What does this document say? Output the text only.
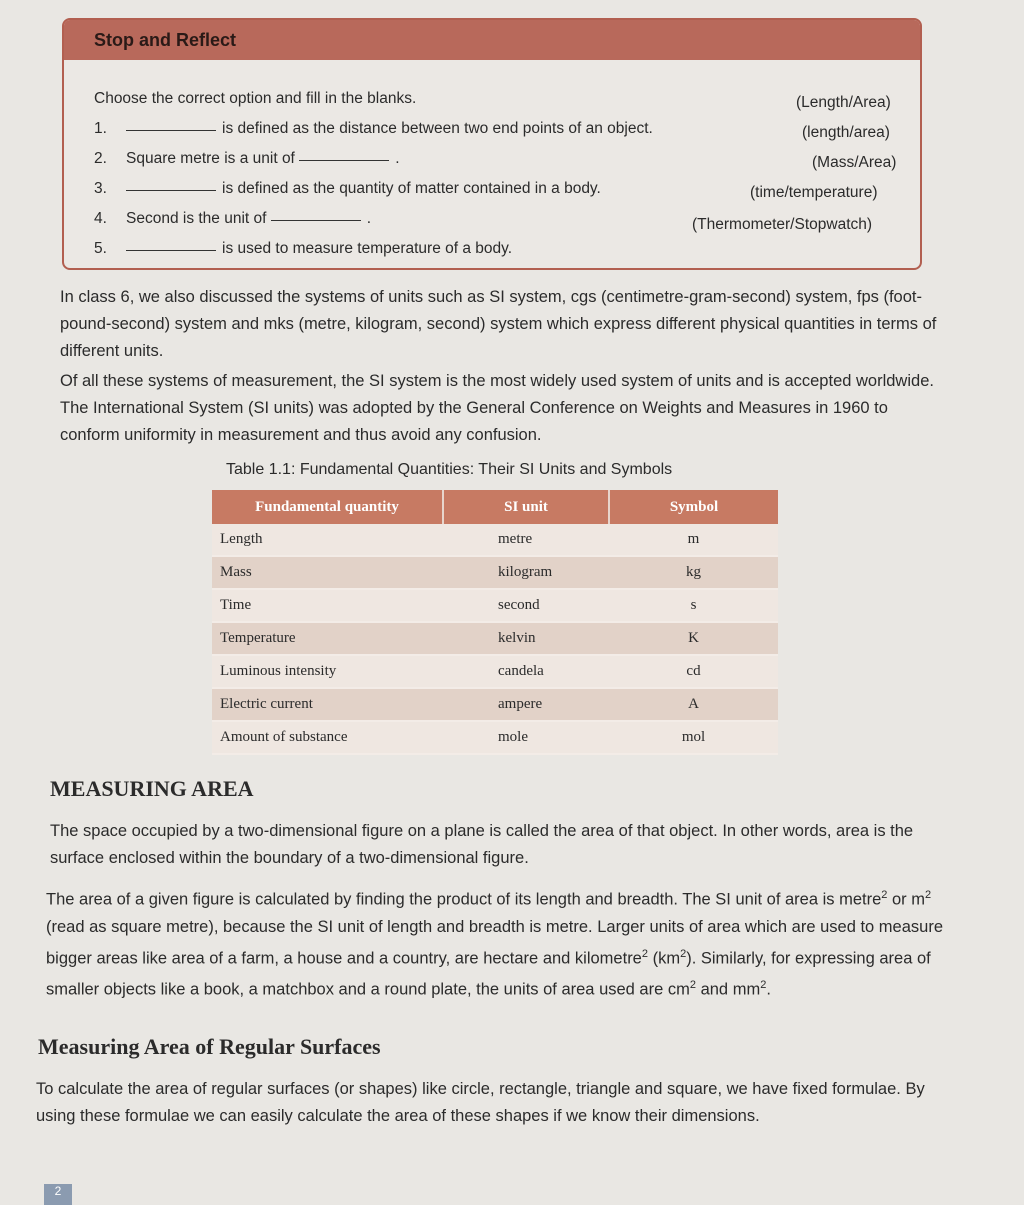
Stop and Reflect
Choose the correct option and fill in the blanks.
1.	is defined as the distance between two end points of an object.
(Length/Area)
2. Square metre is a unit of	.
(length/area)
3.	is defined as the quantity of matter contained in a body.
(Mass/Area)
4. Second is the unit of	.
(time/temperature)
5.	is used to measure temperature of a body.
(Thermometer/Stopwatch)
In class 6, we also discussed the systems of units such as SI system, cgs (centimetre-gram-second) system, fps (foot-pound-second) system and mks (metre, kilogram, second) system which express different physical quantities in terms of different units.
Of all these systems of measurement, the SI system is the most widely used system of units and is accepted worldwide. The International System (SI units) was adopted by the General Conference on Weights and Measures in 1960 to conform uniformity in measurement and thus avoid any confusion.
Table 1.1: Fundamental Quantities: Their SI Units and Symbols
Fundamental quantity	SI unit	Symbol
Length	metre	m
Mass	kilogram	kg
Time	second	s
Temperature	kelvin	K
Luminous intensity	candela	cd
Electric current	ampere	A
Amount of substance	mole	mol
MEASURING AREA
The space occupied by a two-dimensional figure on a plane is called the area of that object. In other words, area is the surface enclosed within the boundary of a two-dimensional figure.
The area of a given figure is calculated by finding the product of its length and breadth. The SI unit of area is metre$^2$ or $m^2$ (read as square metre), because the SI unit of length and breadth is metre. Larger units of area which are used to measure bigger areas like area of a farm, a house and a country, are hectare and kilometre$^2$ $(km^2)$. Similarly, for expressing area of smaller objects like a book, a matchbox and a round plate, the units of area used are $cm^2$ and $mm^2$.
Measuring Area of Regular Surfaces
To calculate the area of regular surfaces (or shapes) like circle, rectangle, triangle and square, we have fixed formulae. By using these formulae we can easily calculate the area of these shapes if we know their dimensions.
2
